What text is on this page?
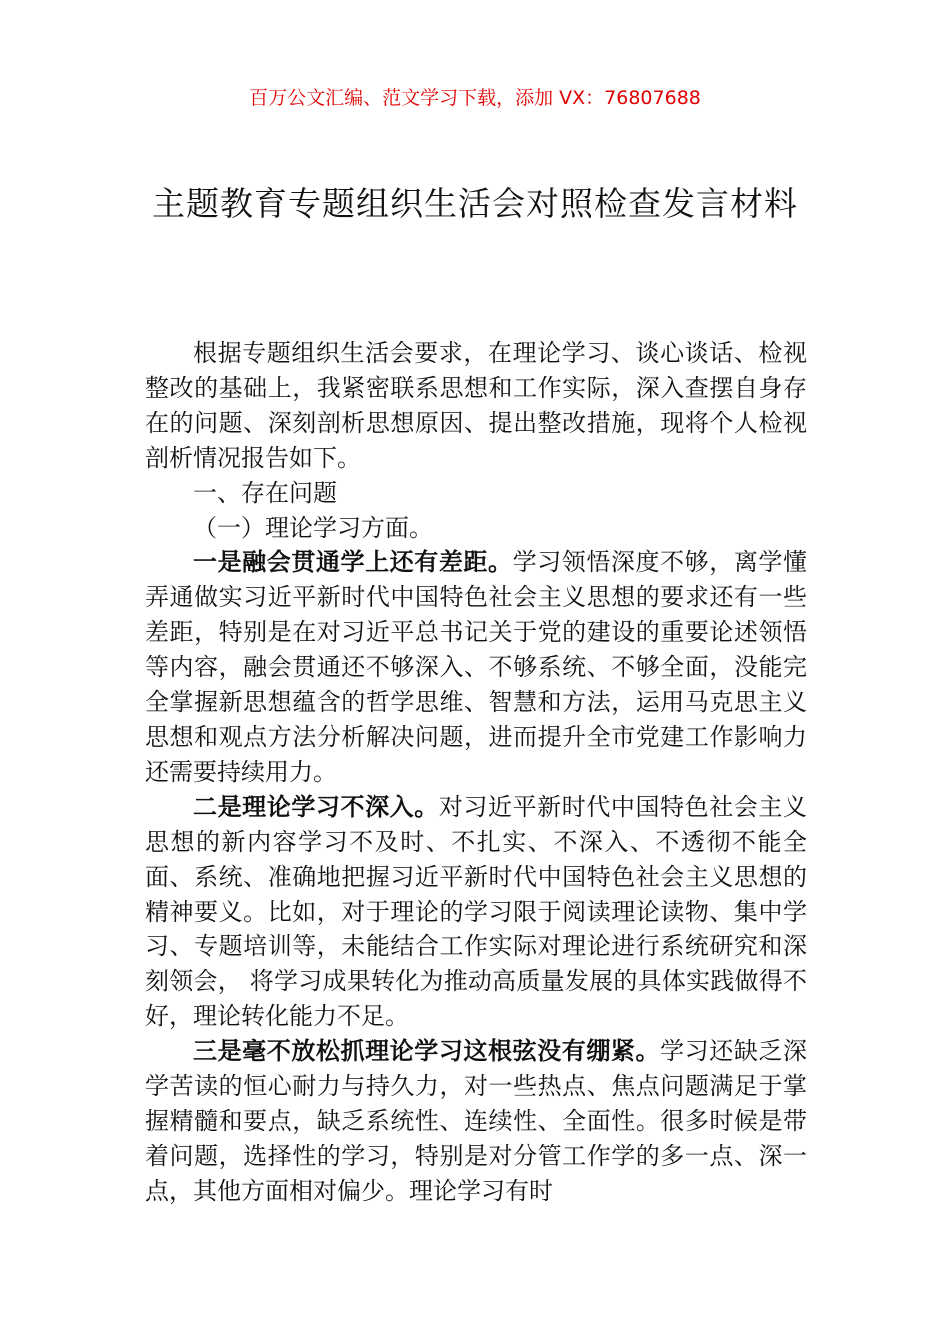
百万公文汇编、范文学习下载，添加 VX：76807688
主题教育专题组织生活会对照检查发言材料

根据专题组织生活会要求，在理论学习、谈心谈话、检视整改的基础上，我紧密联系思想和工作实际，深入查摆自身存在的问题、深刻剖析思想原因、提出整改措施，现将个人检视剖析情况报告如下。

一、存在问题

（一）理论学习方面。

一是融会贯通学上还有差距。学习领悟深度不够，离学懂弄通做实习近平新时代中国特色社会主义思想的要求还有一些差距，特别是在对习近平总书记关于党的建设的重要论述领悟等内容，融会贯通还不够深入、不够系统、不够全面，没能完全掌握新思想蕴含的哲学思维、智慧和方法，运用马克思主义思想和观点方法分析解决问题，进而提升全市党建工作影响力还需要持续用力。

二是理论学习不深入。对习近平新时代中国特色社会主义思想的新内容学习不及时、不扎实、不深入、不透彻不能全面、系统、准确地把握习近平新时代中国特色社会主义思想的精神要义。比如，对于理论的学习限于阅读理论读物、集中学习、专题培训等，未能结合工作实际对理论进行系统研究和深刻领会， 将学习成果转化为推动高质量发展的具体实践做得不好，理论转化能力不足。

三是毫不放松抓理论学习这根弦没有绷紧。学习还缺乏深学苦读的恒心耐力与持久力，对一些热点、焦点问题满足于掌握精髓和要点，缺乏系统性、连续性、全面性。很多时候是带着问题，选择性的学习，特别是对分管工作学的多一点、深一点，其他方面相对偏少。理论学习有时
